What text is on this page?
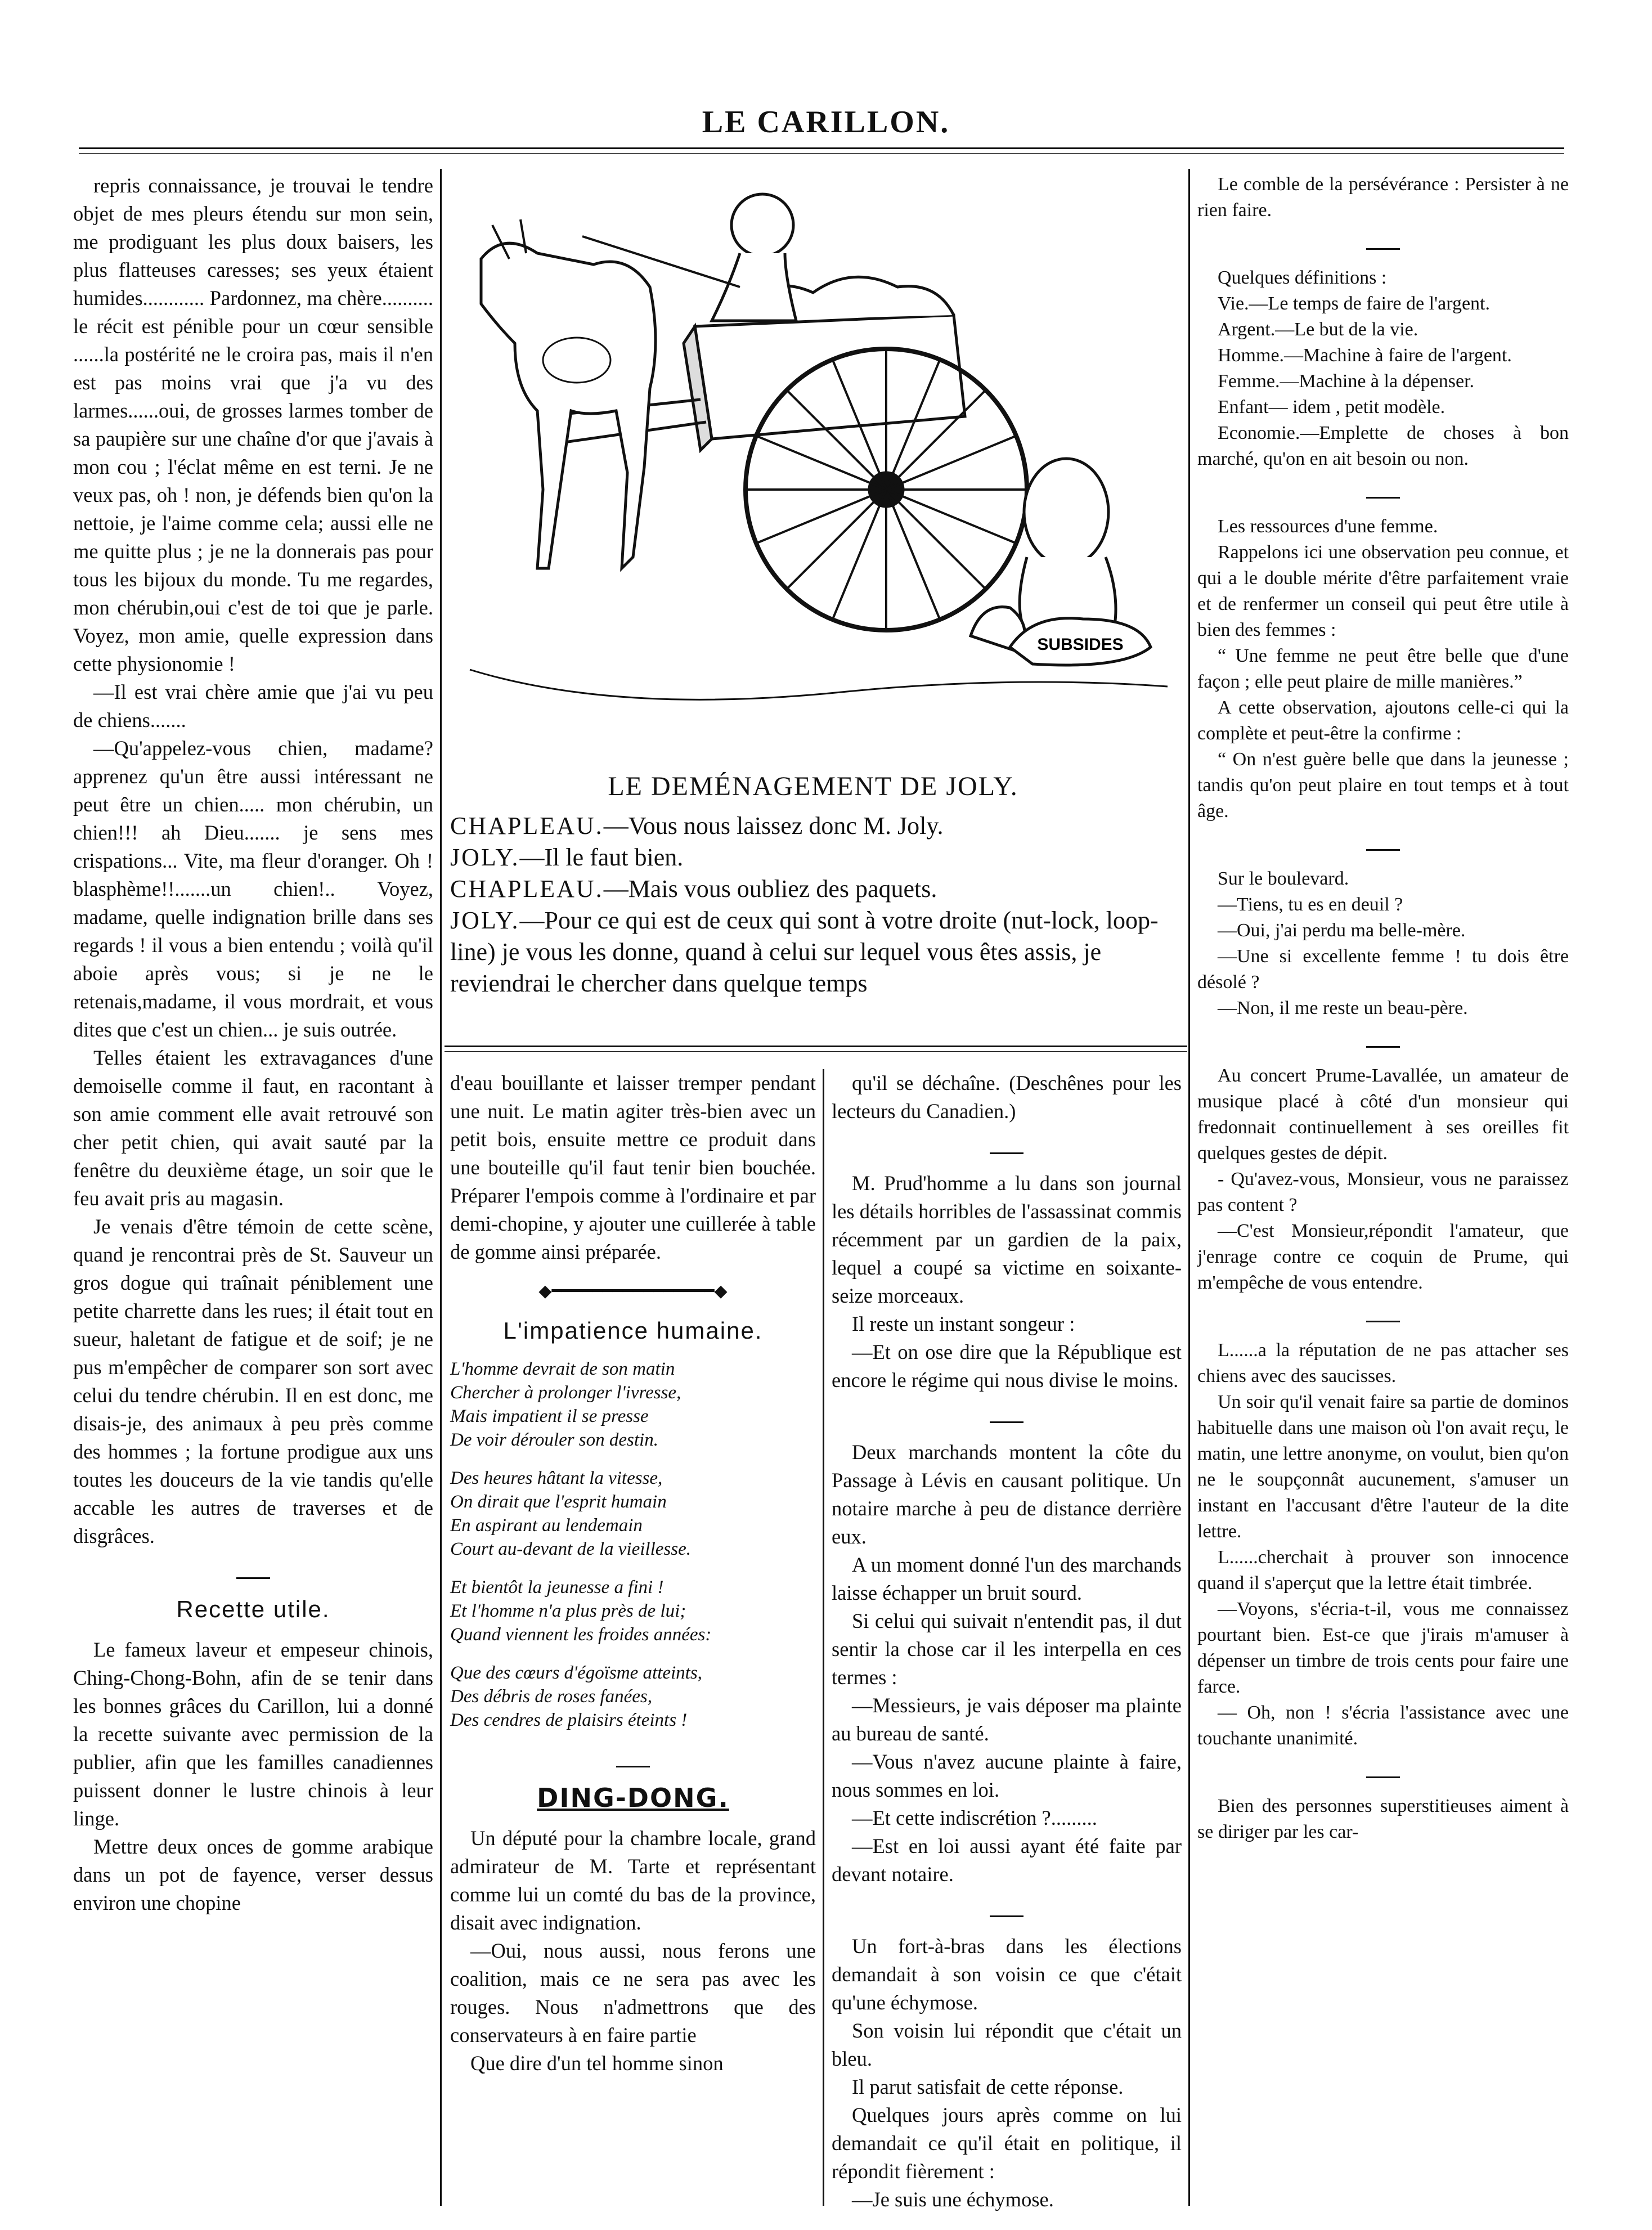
LE CARILLON.

repris connaissance, je trouvai le tendre objet de mes pleurs étendu sur mon sein, me prodiguant les plus doux baisers, les plus flatteuses caresses; ses yeux étaient humides............ Pardonnez, ma chère.......... le récit est pénible pour un cœur sensible ......la postérité ne le croira pas, mais il n'en est pas moins vrai que j'a vu des larmes......oui, de grosses larmes tomber de sa paupière sur une chaîne d'or que j'avais à mon cou ; l'éclat même en est terni. Je ne veux pas, oh ! non, je défends bien qu'on la nettoie, je l'aime comme cela; aussi elle ne me quitte plus ; je ne la donnerais pas pour tous les bijoux du monde. Tu me regardes, mon chérubin,oui c'est de toi que je parle. Voyez, mon amie, quelle expression dans cette physionomie !

—Il est vrai chère amie que j'ai vu peu de chiens.......

—Qu'appelez-vous chien, madame? apprenez qu'un être aussi intéressant ne peut être un chien..... mon chérubin, un chien!!! ah Dieu....... je sens mes crispations... Vite, ma fleur d'oranger. Oh ! blasphème!!.......un chien!.. Voyez, madame, quelle indignation brille dans ses regards ! il vous a bien entendu ; voilà qu'il aboie après vous; si je ne le retenais,madame, il vous mordrait, et vous dites que c'est un chien... je suis outrée.

Telles étaient les extravagances d'une demoiselle comme il faut, en racontant à son amie comment elle avait retrouvé son cher petit chien, qui avait sauté par la fenêtre du deuxième étage, un soir que le feu avait pris au magasin.

Je venais d'être témoin de cette scène, quand je rencontrai près de St. Sauveur un gros dogue qui traînait péniblement une petite charrette dans les rues; il était tout en sueur, haletant de fatigue et de soif; je ne pus m'empêcher de comparer son sort avec celui du tendre chérubin. Il en est donc, me disais-je, des animaux à peu près comme des hommes ; la fortune prodigue aux uns toutes les douceurs de la vie tandis qu'elle accable les autres de traverses et de disgrâces.

Recette utile.

Le fameux laveur et empeseur chinois, Ching-Chong-Bohn, afin de se tenir dans les bonnes grâces du Carillon, lui a donné la recette suivante avec permission de la publier, afin que les familles canadiennes puissent donner le lustre chinois à leur linge.

Mettre deux onces de gomme arabique dans un pot de fayence, verser dessus environ une chopine

SUBSIDES
LE DEMÉNAGEMENT DE JOLY.

CHAPLEAU.—Vous nous laissez donc M. Joly.

JOLY.—Il le faut bien.

CHAPLEAU.—Mais vous oubliez des paquets.

JOLY.—Pour ce qui est de ceux qui sont à votre droite (nut-lock, loop-line) je vous les donne, quand à celui sur lequel vous êtes assis, je reviendrai le chercher dans quelque temps

d'eau bouillante et laisser tremper pendant une nuit. Le matin agiter très-bien avec un petit bois, ensuite mettre ce produit dans une bouteille qu'il faut tenir bien bouchée. Préparer l'empois comme à l'ordinaire et par demi-chopine, y ajouter une cuillerée à table de gomme ainsi préparée.

◆━━━━━━━━━━━━━━━━◆
L'impatience humaine.
L'homme devrait de son matin
Chercher à prolonger l'ivresse,
Mais impatient il se presse
De voir dérouler son destin.
Des heures hâtant la vitesse,
On dirait que l'esprit humain
En aspirant au lendemain
Court au-devant de la vieillesse.
Et bientôt la jeunesse a fini !
Et l'homme n'a plus près de lui;
Quand viennent les froides années:
Que des cœurs d'égoïsme atteints,
Des débris de roses fanées,
Des cendres de plaisirs éteints !
DING-DONG.

Un député pour la chambre locale, grand admirateur de M. Tarte et représentant comme lui un comté du bas de la province, disait avec indignation.

—Oui, nous aussi, nous ferons une coalition, mais ce ne sera pas avec les rouges. Nous n'admettrons que des conservateurs à en faire partie

Que dire d'un tel homme sinon

qu'il se déchaîne. (Deschênes pour les lecteurs du Canadien.)

M. Prud'homme a lu dans son journal les détails horribles de l'assassinat commis récemment par un gardien de la paix, lequel a coupé sa victime en soixante-seize morceaux.

Il reste un instant songeur :

—Et on ose dire que la République est encore le régime qui nous divise le moins.

Deux marchands montent la côte du Passage à Lévis en causant politique. Un notaire marche à peu de distance derrière eux.

A un moment donné l'un des marchands laisse échapper un bruit sourd.

Si celui qui suivait n'entendit pas, il dut sentir la chose car il les interpella en ces termes :

—Messieurs, je vais déposer ma plainte au bureau de santé.

—Vous n'avez aucune plainte à faire, nous sommes en loi.

—Et cette indiscrétion ?.........

—Est en loi aussi ayant été faite par devant notaire.

Un fort-à-bras dans les élections demandait à son voisin ce que c'était qu'une échymose.

Son voisin lui répondit que c'était un bleu.

Il parut satisfait de cette réponse.

Quelques jours après comme on lui demandait ce qu'il était en politique, il répondit fièrement :

—Je suis une échymose.

Le comble de la persévérance : Persister à ne rien faire.

Quelques définitions :

Vie.—Le temps de faire de l'argent.

Argent.—Le but de la vie.

Homme.—Machine à faire de l'argent.

Femme.—Machine à la dépenser.

Enfant— idem , petit modèle.

Economie.—Emplette de choses à bon marché, qu'on en ait besoin ou non.

Les ressources d'une femme.

Rappelons ici une observation peu connue, et qui a le double mérite d'être parfaitement vraie et de renfermer un conseil qui peut être utile à bien des femmes :

“ Une femme ne peut être belle que d'une façon ; elle peut plaire de mille manières.”

A cette observation, ajoutons celle-ci qui la complète et peut-être la confirme :

“ On n'est guère belle que dans la jeunesse ; tandis qu'on peut plaire en tout temps et à tout âge.

Sur le boulevard.

—Tiens, tu es en deuil ?

—Oui, j'ai perdu ma belle-mère.

—Une si excellente femme ! tu dois être désolé ?

—Non, il me reste un beau-père.

Au concert Prume-Lavallée, un amateur de musique placé à côté d'un monsieur qui fredonnait continuellement à ses oreilles fit quelques gestes de dépit.

- Qu'avez-vous, Monsieur, vous ne paraissez pas content ?

—C'est Monsieur,répondit l'amateur, que j'enrage contre ce coquin de Prume, qui m'empêche de vous entendre.

L......a la réputation de ne pas attacher ses chiens avec des saucisses.

Un soir qu'il venait faire sa partie de dominos habituelle dans une maison où l'on avait reçu, le matin, une lettre anonyme, on voulut, bien qu'on ne le soupçonnât aucunement, s'amuser un instant en l'accusant d'être l'auteur de la dite lettre.

L......cherchait à prouver son innocence quand il s'aperçut que la lettre était timbrée.

—Voyons, s'écria-t-il, vous me connaissez pourtant bien. Est-ce que j'irais m'amuser à dépenser un timbre de trois cents pour faire une farce.

— Oh, non ! s'écria l'assistance avec une touchante unanimité.

Bien des personnes superstitieuses aiment à se diriger par les car-
